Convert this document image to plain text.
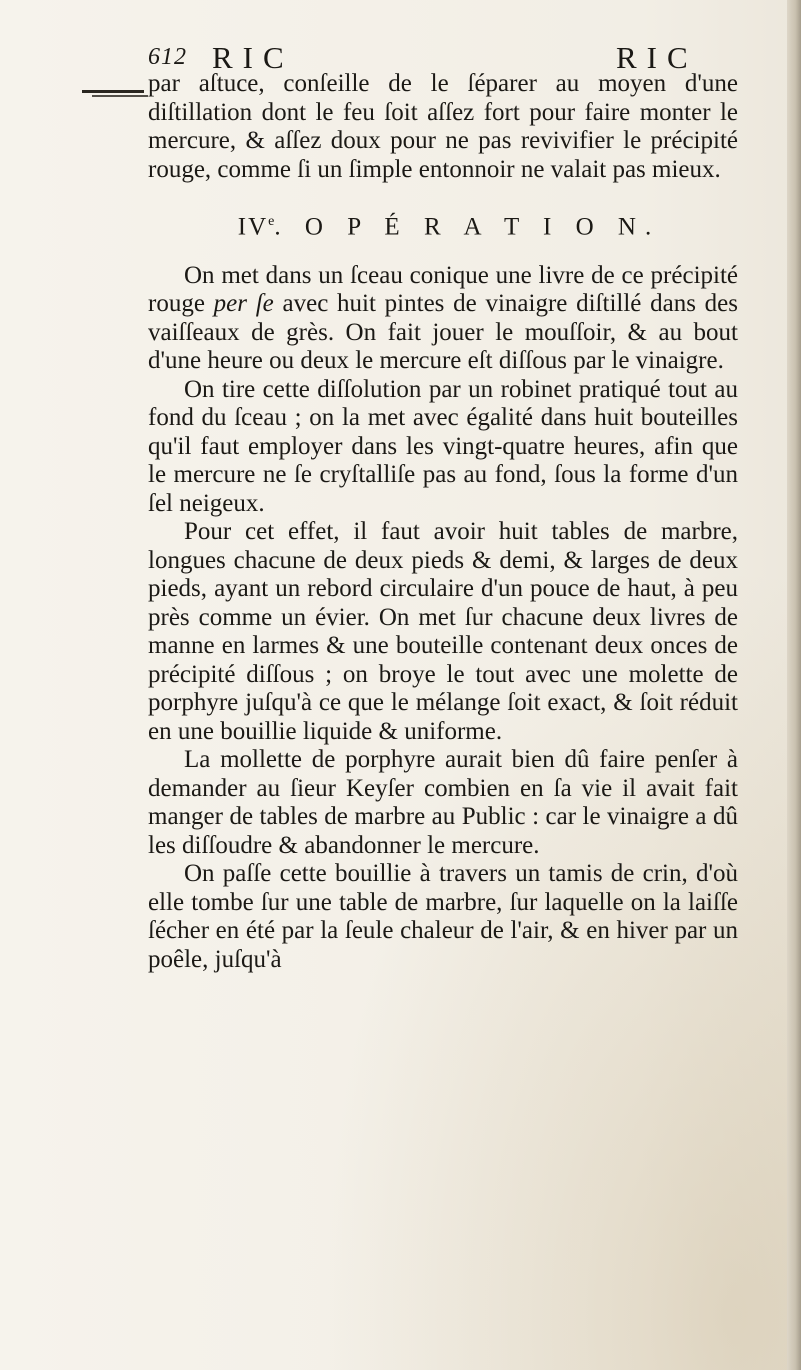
612 RIC	RIC

par aſtuce, conſeille de le ſéparer au moyen d'une diſtillation dont le feu ſoit aſſez fort pour faire monter le mercure, & aſſez doux pour ne pas revivifier le précipité rouge, comme ſi un ſimple entonnoir ne valait pas mieux.

IVe. O P É R A T I O N.

On met dans un ſceau conique une livre de ce précipité rouge per ſe avec huit pintes de vinaigre diſtillé dans des vaiſſeaux de grès. On fait jouer le mouſſoir, & au bout d'une heure ou deux le mercure eſt diſſous par le vinaigre.

On tire cette diſſolution par un robinet pratiqué tout au fond du ſceau ; on la met avec égalité dans huit bouteilles qu'il faut employer dans les vingt-quatre heures, afin que le mercure ne ſe cryſtalliſe pas au fond, ſous la forme d'un ſel neigeux.

Pour cet effet, il faut avoir huit tables de marbre, longues chacune de deux pieds & demi, & larges de deux pieds, ayant un rebord circulaire d'un pouce de haut, à peu près comme un évier. On met ſur chacune deux livres de manne en larmes & une bouteille contenant deux onces de précipité diſſous ; on broye le tout avec une molette de porphyre juſqu'à ce que le mélange ſoit exact, & ſoit réduit en une bouillie liquide & uniforme.

La mollette de porphyre aurait bien dû faire penſer à demander au ſieur Keyſer combien en ſa vie il avait fait manger de tables de marbre au Public : car le vinaigre a dû les diſſoudre & abandonner le mercure.

On paſſe cette bouillie à travers un tamis de crin, d'où elle tombe ſur une table de marbre, ſur laquelle on la laiſſe ſécher en été par la ſeule chaleur de l'air, & en hiver par un poêle, juſqu'à
